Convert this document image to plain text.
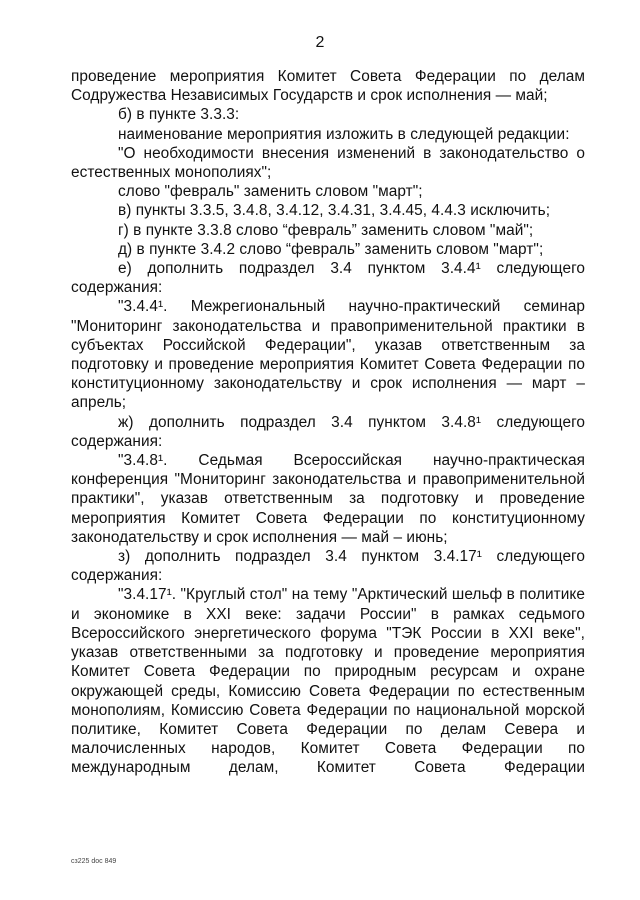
2

проведение мероприятия Комитет Совета Федерации по делам Содружества Независимых Государств и срок исполнения — май;

б) в пункте 3.3.3:

наименование мероприятия изложить в следующей редакции:

"О необходимости внесения изменений в законодательство о естественных монополиях";

слово "февраль" заменить словом "март";

в) пункты 3.3.5, 3.4.8, 3.4.12, 3.4.31, 3.4.45, 4.4.3 исключить;

г) в пункте 3.3.8 слово “февраль” заменить словом "май";

д) в пункте 3.4.2 слово “февраль” заменить словом "март";

е) дополнить подраздел 3.4 пунктом 3.4.4¹ следующего содержания:

"3.4.4¹. Межрегиональный научно-практический семинар "Мониторинг законодательства и правоприменительной практики в субъектах Российской Федерации", указав ответственным за подготовку и проведение мероприятия Комитет Совета Федерации по конституционному законодательству и срок исполнения — март – апрель;

ж) дополнить подраздел 3.4 пунктом 3.4.8¹ следующего содержания:

"3.4.8¹. Седьмая Всероссийская научно-практическая конференция "Мониторинг законодательства и правоприменительной практики", указав ответственным за подготовку и проведение мероприятия Комитет Совета Федерации по конституционному законодательству и срок исполнения — май – июнь;

з) дополнить подраздел 3.4 пунктом 3.4.17¹ следующего содержания:

"3.4.17¹. "Круглый стол" на тему "Арктический шельф в политике и экономике в XXI веке: задачи России" в рамках седьмого Всероссийского энергетического форума "ТЭК России в XXI веке", указав ответственными за подготовку и проведение мероприятия Комитет Совета Федерации по природным ресурсам и охране окружающей среды, Комиссию Совета Федерации по естественным монополиям, Комиссию Совета Федерации по национальной морской политике, Комитет Совета Федерации по делам Севера и малочисленных народов, Комитет Совета Федерации по международным делам, Комитет Совета Федерации

сз225 doc 849
